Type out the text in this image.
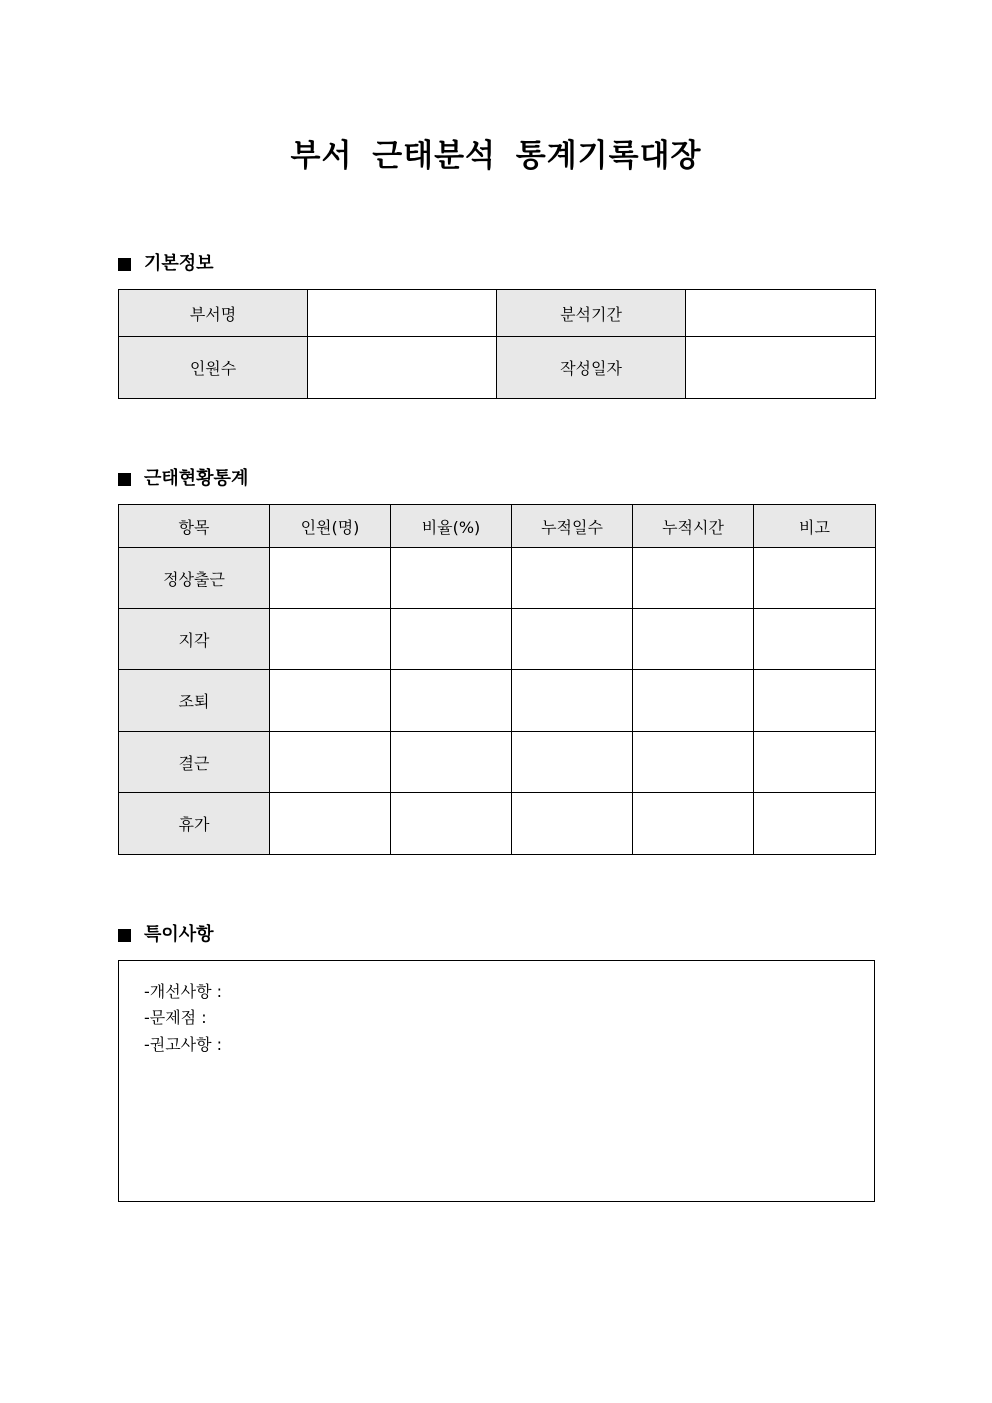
부서 근태분석 통계기록대장
기본정보
부서명		분석기간	
인원수		작성일자	
근태현황통계
항목	인원(명)	비율(%)	누적일수	누적시간	비고
정상출근					
지각					
조퇴					
결근					
휴가					
특이사항
-개선사항 :
-문제점 :
-권고사항 :
